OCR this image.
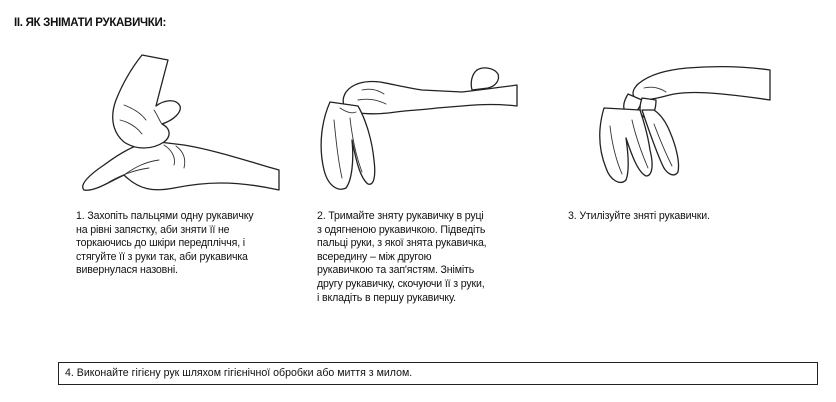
II. ЯК ЗНІМАТИ РУКАВИЧКИ:
1. Захопіть пальцями одну рукавичку
на рівні запястку, аби зняти її не
торкаючись до шкіри передпліччя, і
стягуйте її з руки так, аби рукавичка
вивернулася назовні.
2. Тримайте зняту рукавичку в руці
з одягненою рукавичкою. Підведіть
пальці руки, з якої знята рукавичка,
всередину – між другою
рукавичкою та зап'ястям. Зніміть
другу рукавичку, скочуючи її з руки,
і вкладіть в першу рукавичку.
3. Утилізуйте зняті рукавички.
4. Виконайте гігієну рук шляхом гігієнічної обробки або миття з милом.
